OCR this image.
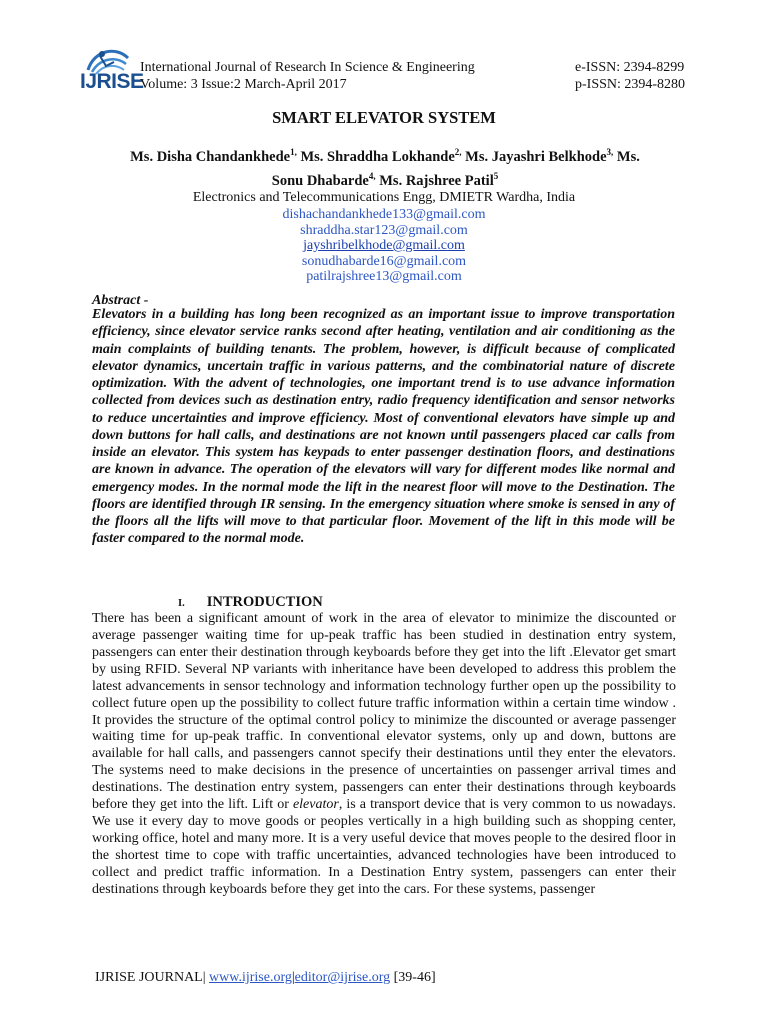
IJRISE
International Journal of Research In Science & Engineering
Volume: 3 Issue:2 March-April 2017
e-ISSN: 2394-8299
p-ISSN: 2394-8280
SMART ELEVATOR SYSTEM
Ms. Disha Chandankhede$^{1,}$ Ms. Shraddha Lokhande$^{2,}$ Ms. Jayashri Belkhode$^{3,}$ Ms.
Sonu Dhabarde$^{4,}$ Ms. Rajshree Patil$^5$
Electronics and Telecommunications Engg, DMIETR Wardha, India
dishachandankhede133@gmail.com
shraddha.star123@gmail.com
jayshribelkhode@gmail.com
sonudhabarde16@gmail.com
patilrajshree13@gmail.com
Abstract -
Elevators in a building has long been recognized as an important issue to improve transportation efficiency, since elevator service ranks second after heating, ventilation and air conditioning as the main complaints of building tenants. The problem, however, is difficult because of complicated elevator dynamics, uncertain traffic in various patterns, and the combinatorial nature of discrete optimization. With the advent of technologies, one important trend is to use advance information collected from devices such as destination entry, radio frequency identification and sensor networks to reduce uncertainties and improve efficiency. Most of conventional elevators have simple up and down buttons for hall calls, and destinations are not known until passengers placed car calls from inside an elevator. This system has keypads to enter passenger destination floors, and destinations are known in advance. The operation of the elevators will vary for different modes like normal and emergency modes. In the normal mode the lift in the nearest floor will move to the Destination. The floors are identified through IR sensing. In the emergency situation where smoke is sensed in any of the floors all the lifts will move to that particular floor. Movement of the lift in this mode will be faster compared to the normal mode.
I. INTRODUCTION
There has been a significant amount of work in the area of elevator to minimize the discounted or average passenger waiting time for up-peak traffic has been studied in destination entry system, passengers can enter their destination through keyboards before they get into the lift .Elevator get smart by using RFID. Several NP variants with inheritance have been developed to address this problem the latest advancements in sensor technology and information technology further open up the possibility to collect future open up the possibility to collect future traffic information within a certain time window . It provides the structure of the optimal control policy to minimize the discounted or average passenger waiting time for up-peak traffic. In conventional elevator systems, only up and down, buttons are available for hall calls, and passengers cannot specify their destinations until they enter the elevators. The systems need to make decisions in the presence of uncertainties on passenger arrival times and destinations. The destination entry system, passengers can enter their destinations through keyboards before they get into the lift. Lift or elevator, is a transport device that is very common to us nowadays. We use it every day to move goods or peoples vertically in a high building such as shopping center, working office, hotel and many more. It is a very useful device that moves people to the desired floor in the shortest time to cope with traffic uncertainties, advanced technologies have been introduced to collect and predict traffic information. In a Destination Entry system, passengers can enter their destinations through keyboards before they get into the cars. For these systems, passenger
IJRISE JOURNAL| www.ijrise.org|editor@ijrise.org [39-46]
